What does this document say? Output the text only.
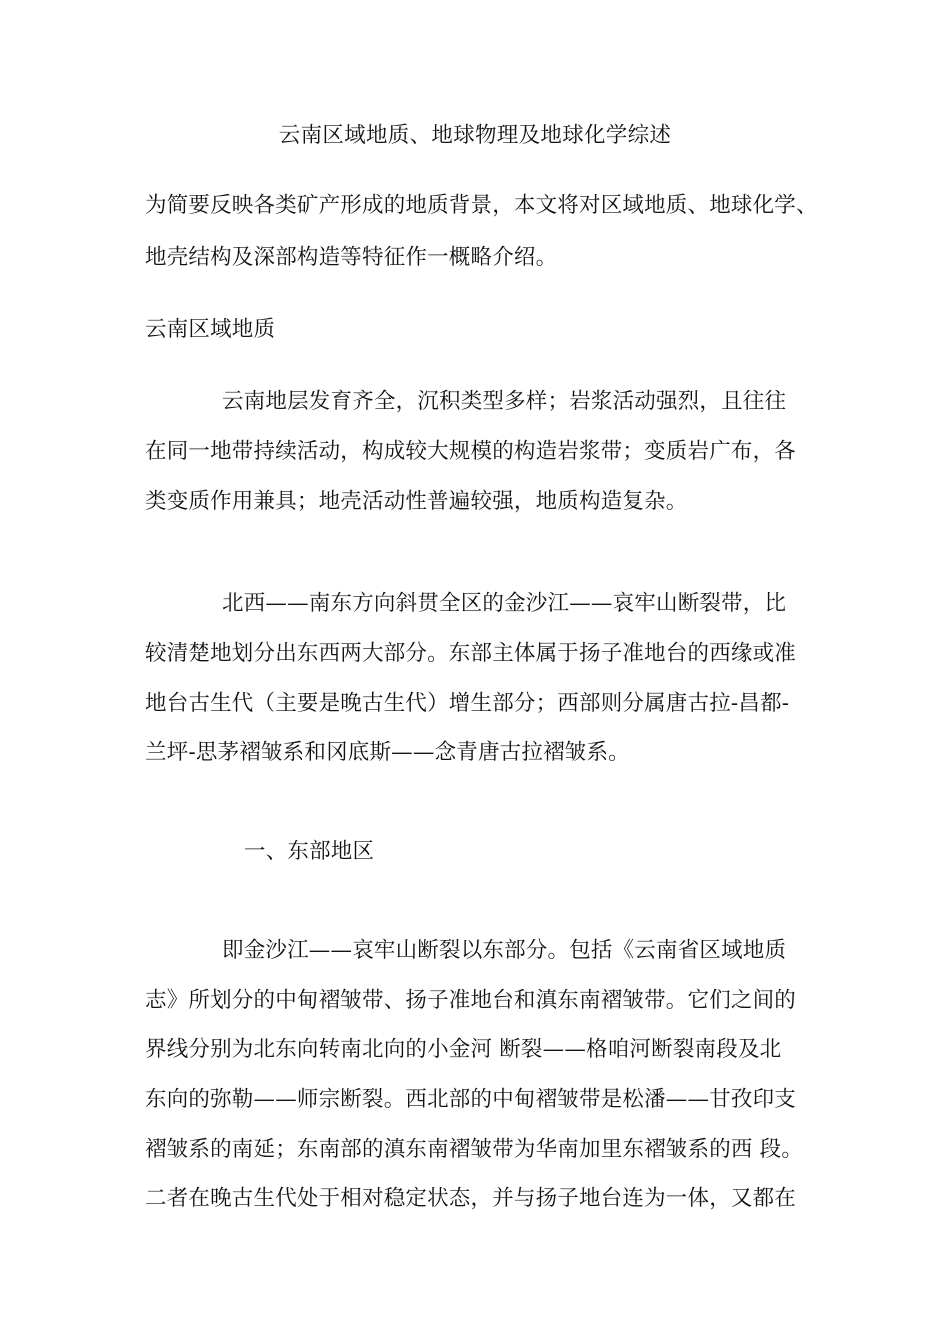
云南区域地质、地球物理及地球化学综述
为简要反映各类矿产形成的地质背景，本文将对区域地质、地球化学、
地壳结构及深部构造等特征作一概略介绍。
云南区域地质
云南地层发育齐全，沉积类型多样；岩浆活动强烈，且往往
在同一地带持续活动，构成较大规模的构造岩浆带；变质岩广布，各
类变质作用兼具；地壳活动性普遍较强，地质构造复杂。
北西——南东方向斜贯全区的金沙江——哀牢山断裂带，比
较清楚地划分出东西两大部分。东部主体属于扬子准地台的西缘或准
地台古生代（主要是晚古生代）增生部分；西部则分属唐古拉-昌都-
兰坪-思茅褶皱系和冈底斯——念青唐古拉褶皱系。
一、东部地区
即金沙江——哀牢山断裂以东部分。包括《云南省区域地质
志》所划分的中甸褶皱带、扬子准地台和滇东南褶皱带。它们之间的
界线分别为北东向转南北向的小金河 断裂——格咱河断裂南段及北
东向的弥勒——师宗断裂。西北部的中甸褶皱带是松潘——甘孜印支
褶皱系的南延；东南部的滇东南褶皱带为华南加里东褶皱系的西 段。
二者在晚古生代处于相对稳定状态，并与扬子地台连为一体，又都在
